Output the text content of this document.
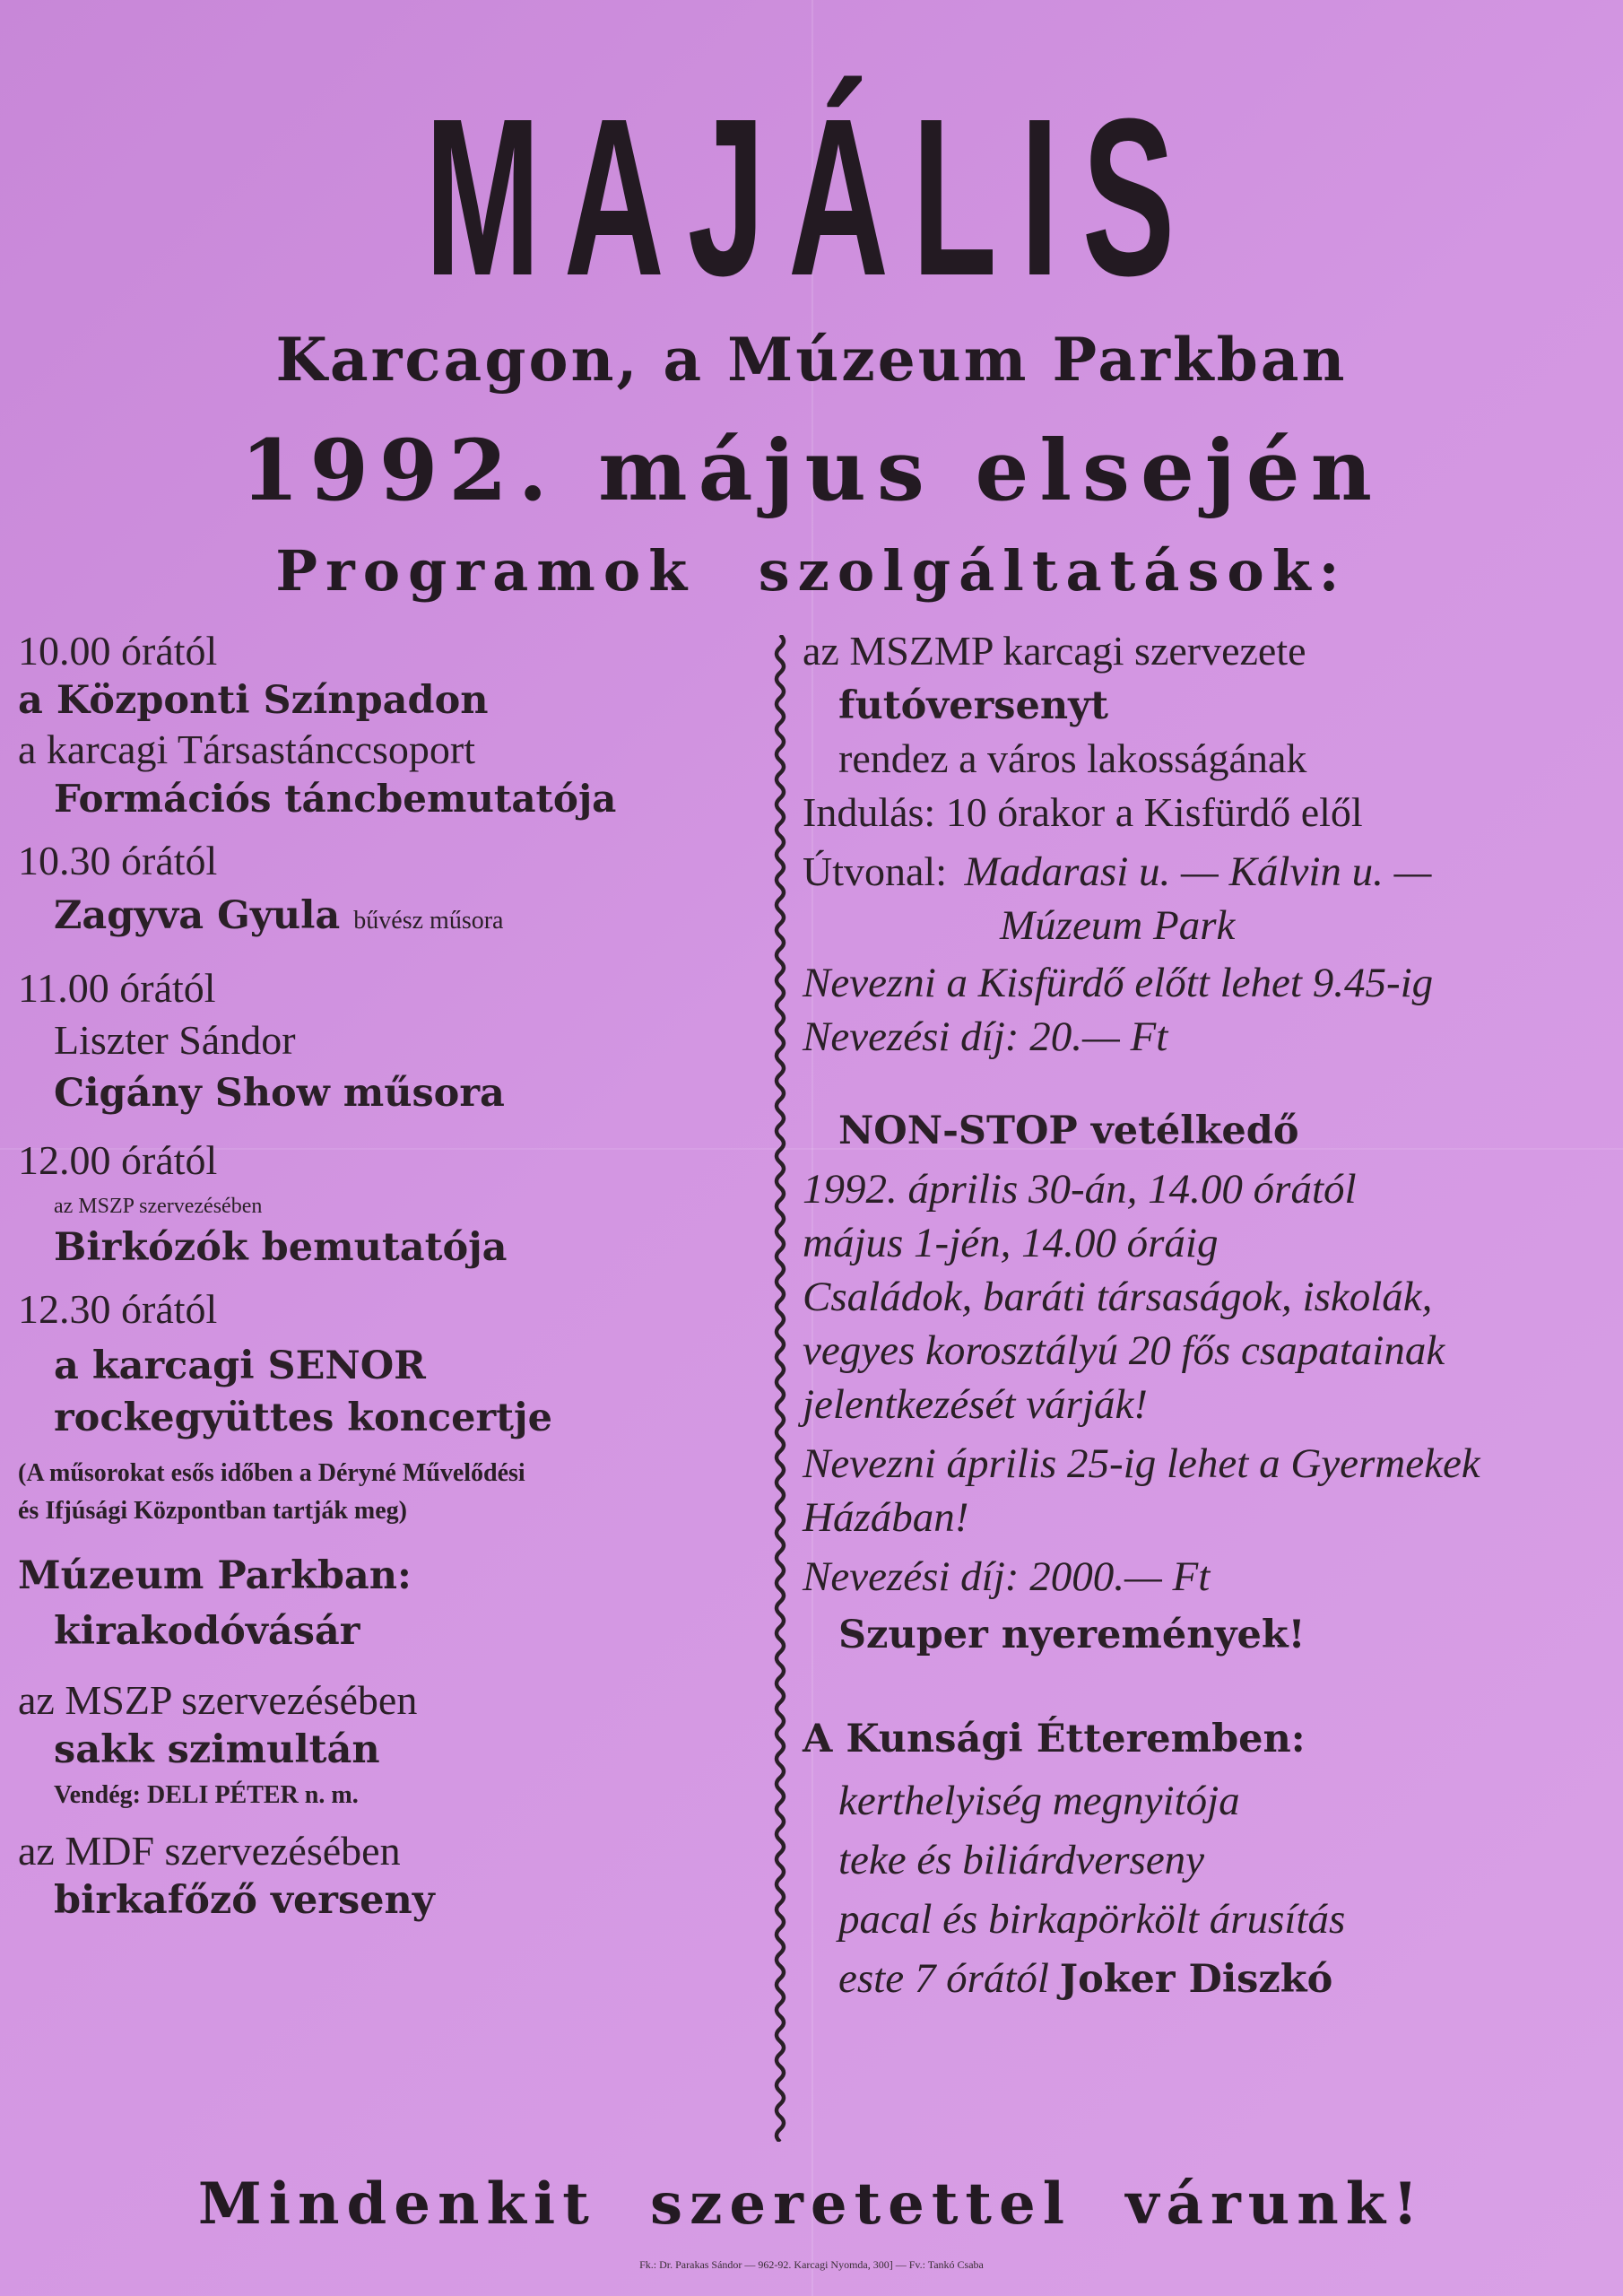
MAJÁLIS
Karcagon, a Múzeum Parkban
1992. május elsején
Programok szolgáltatások:
10.00 órától
a Központi Színpadon
a karcagi Társastánccsoport
Formációs táncbemutatója
10.30 órától
Zagyva Gyula bűvész műsora
11.00 órától
Liszter Sándor
Cigány Show műsora
12.00 órától
az MSZP szervezésében
Birkózók bemutatója
12.30 órától
a karcagi SENOR
rockegyüttes koncertje
(A műsorokat esős időben a Déryné Művelődési
és Ifjúsági Központban tartják meg)
Múzeum Parkban:
kirakodóvásár
az MSZP szervezésében
sakk szimultán
Vendég: DELI PÉTER n. m.
az MDF szervezésében
birkafőző verseny
az MSZMP karcagi szervezete
futóversenyt
rendez a város lakosságának
Indulás: 10 órakor a Kisfürdő elől
Útvonal: Madarasi u. — Kálvin u. —
Múzeum Park
Nevezni a Kisfürdő előtt lehet 9.45-ig
Nevezési díj: 20.— Ft
NON-STOP vetélkedő
1992. április 30-án, 14.00 órától
május 1-jén, 14.00 óráig
Családok, baráti társaságok, iskolák,
vegyes korosztályú 20 fős csapatainak
jelentkezését várják!
Nevezni április 25-ig lehet a Gyermekek
Házában!
Nevezési díj: 2000.— Ft
Szuper nyeremények!
A Kunsági Étteremben:
kerthelyiség megnyitója
teke és biliárdverseny
pacal és birkapörkölt árusítás
este 7 órától Joker Diszkó
Mindenkit szeretettel várunk!
Fk.: Dr. Parakas Sándor — 962-92. Karcagi Nyomda, 300] — Fv.: Tankó Csaba
